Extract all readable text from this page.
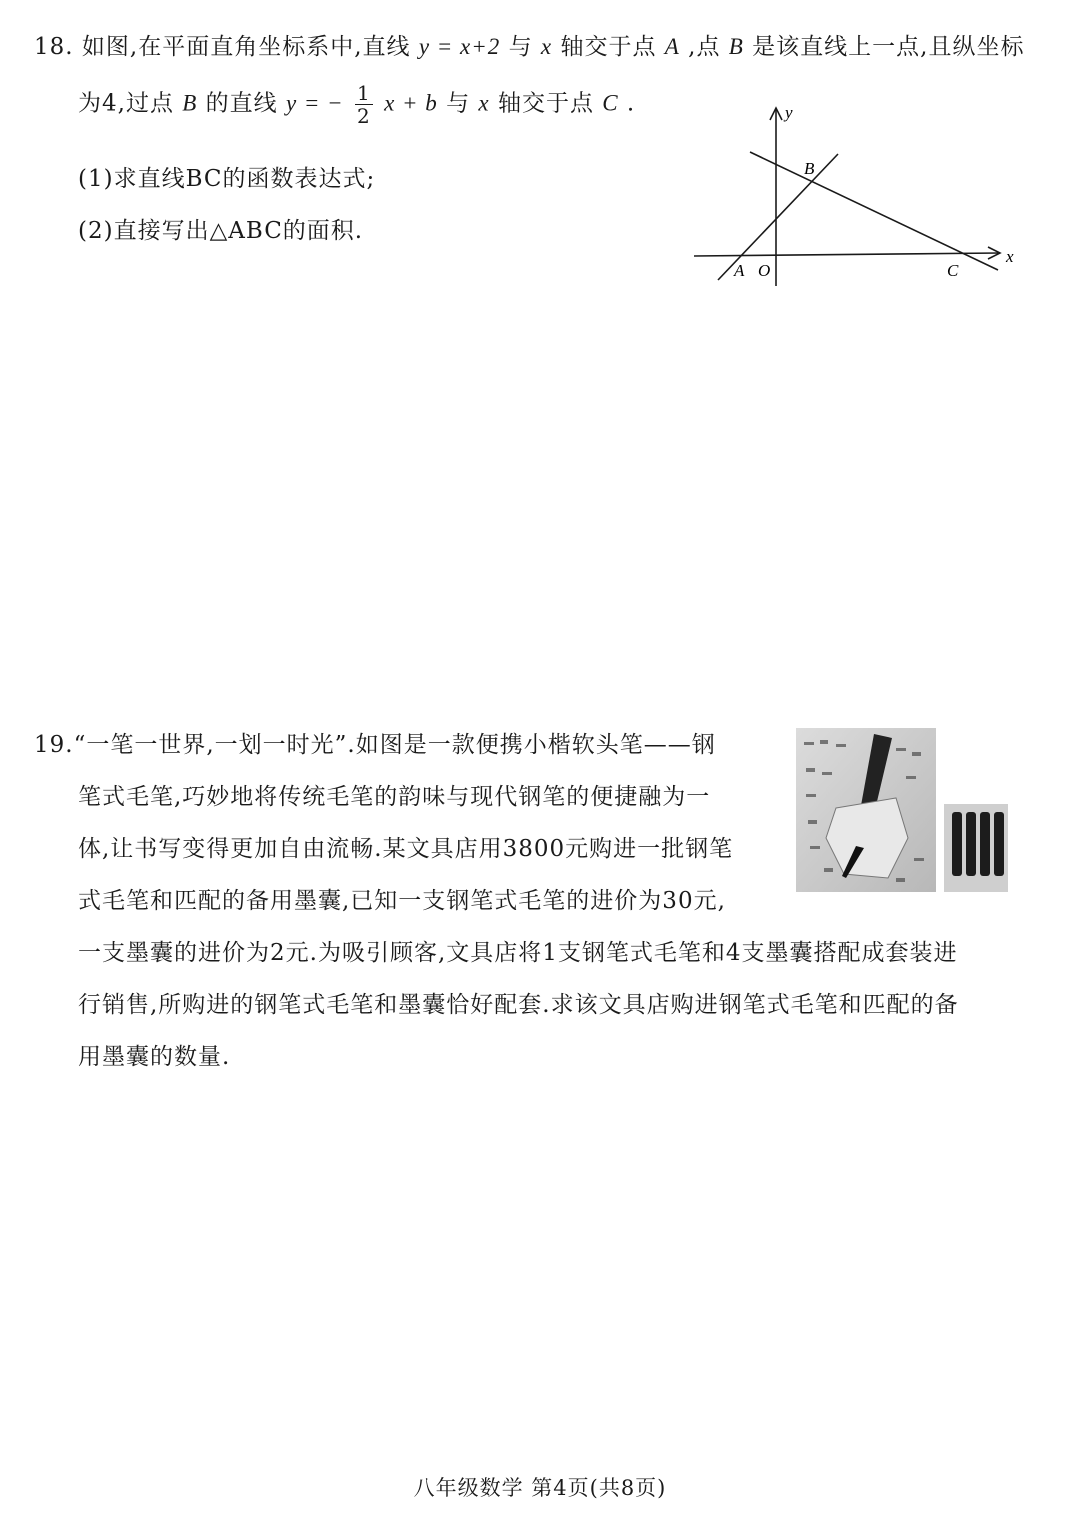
18. 如图,在平面直角坐标系中,直线 y = x+2 与 x 轴交于点 A ,点 B 是该直线上一点,且纵坐标
为4,过点 B 的直线 y = − $\frac{1}{2}$ x + b 与 x 轴交于点 C .
(1)求直线BC的函数表达式;
(2)直接写出△ABC的面积.
y
x
A O
B
C
19.“一笔一世界,一划一时光”.如图是一款便携小楷软头笔——钢
笔式毛笔,巧妙地将传统毛笔的韵味与现代钢笔的便捷融为一
体,让书写变得更加自由流畅.某文具店用3800元购进一批钢笔
式毛笔和匹配的备用墨囊,已知一支钢笔式毛笔的进价为30元,
一支墨囊的进价为2元.为吸引顾客,文具店将1支钢笔式毛笔和4支墨囊搭配成套装进
行销售,所购进的钢笔式毛笔和墨囊恰好配套.求该文具店购进钢笔式毛笔和匹配的备
用墨囊的数量.
八年级数学 第4页(共8页)
